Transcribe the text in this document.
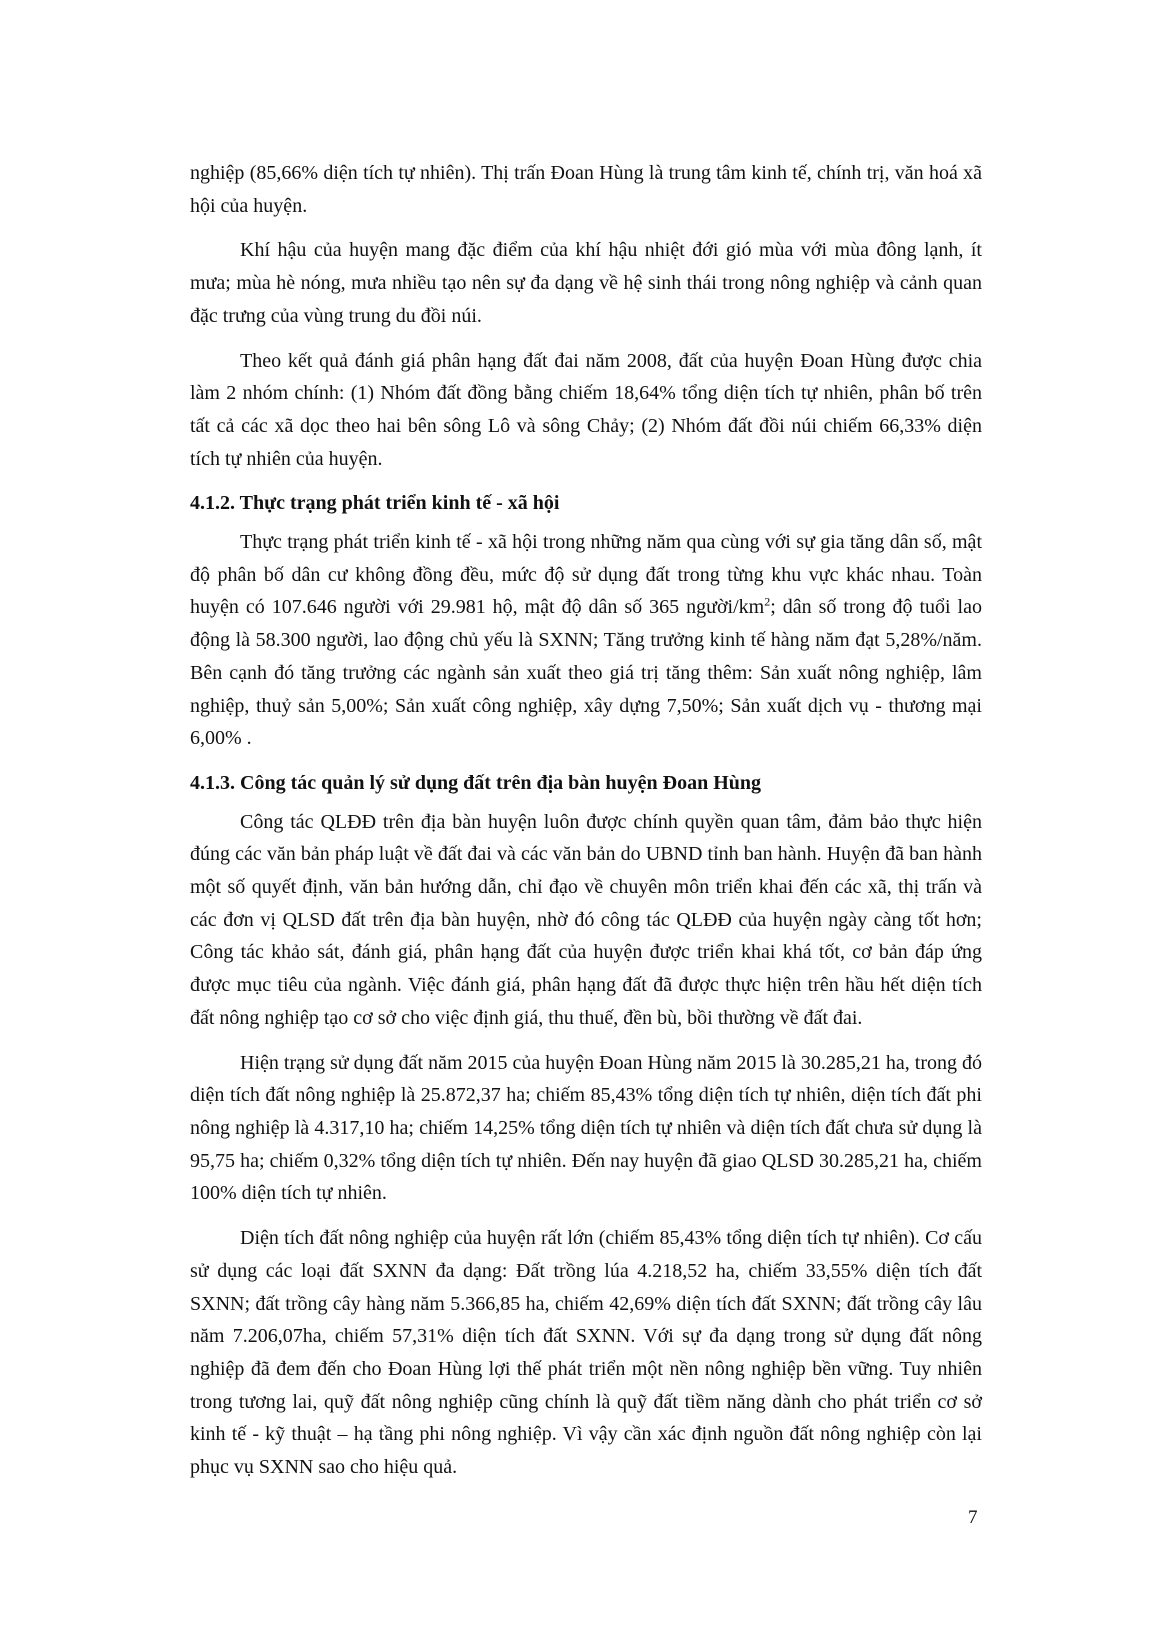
nghiệp (85,66% diện tích tự nhiên). Thị trấn Đoan Hùng là trung tâm kinh tế, chính trị, văn hoá xã hội của huyện.

Khí hậu của huyện mang đặc điểm của khí hậu nhiệt đới gió mùa với mùa đông lạnh, ít mưa; mùa hè nóng, mưa nhiều tạo nên sự đa dạng về hệ sinh thái trong nông nghiệp và cảnh quan đặc trưng của vùng trung du đồi núi.

Theo kết quả đánh giá phân hạng đất đai năm 2008, đất của huyện Đoan Hùng được chia làm 2 nhóm chính: (1) Nhóm đất đồng bằng chiếm 18,64% tổng diện tích tự nhiên, phân bố trên tất cả các xã dọc theo hai bên sông Lô và sông Chảy; (2) Nhóm đất đồi núi chiếm 66,33% diện tích tự nhiên của huyện.

4.1.2. Thực trạng phát triển kinh tế - xã hội

Thực trạng phát triển kinh tế - xã hội trong những năm qua cùng với sự gia tăng dân số, mật độ phân bố dân cư không đồng đều, mức độ sử dụng đất trong từng khu vực khác nhau. Toàn huyện có 107.646 người với 29.981 hộ, mật độ dân số 365 người/$km^2$; dân số trong độ tuổi lao động là 58.300 người, lao động chủ yếu là SXNN; Tăng trưởng kinh tế hàng năm đạt 5,28%/năm. Bên cạnh đó tăng trưởng các ngành sản xuất theo giá trị tăng thêm: Sản xuất nông nghiệp, lâm nghiệp, thuỷ sản 5,00%; Sản xuất công nghiệp, xây dựng 7,50%; Sản xuất dịch vụ - thương mại 6,00% .

4.1.3. Công tác quản lý sử dụng đất trên địa bàn huyện Đoan Hùng

Công tác QLĐĐ trên địa bàn huyện luôn được chính quyền quan tâm, đảm bảo thực hiện đúng các văn bản pháp luật về đất đai và các văn bản do UBND tỉnh ban hành. Huyện đã ban hành một số quyết định, văn bản hướng dẫn, chỉ đạo về chuyên môn triển khai đến các xã, thị trấn và các đơn vị QLSD đất trên địa bàn huyện, nhờ đó công tác QLĐĐ của huyện ngày càng tốt hơn; Công tác khảo sát, đánh giá, phân hạng đất của huyện được triển khai khá tốt, cơ bản đáp ứng được mục tiêu của ngành. Việc đánh giá, phân hạng đất đã được thực hiện trên hầu hết diện tích đất nông nghiệp tạo cơ sở cho việc định giá, thu thuế, đền bù, bồi thường về đất đai.

Hiện trạng sử dụng đất năm 2015 của huyện Đoan Hùng năm 2015 là 30.285,21 ha, trong đó diện tích đất nông nghiệp là 25.872,37 ha; chiếm 85,43% tổng diện tích tự nhiên, diện tích đất phi nông nghiệp là 4.317,10 ha; chiếm 14,25% tổng diện tích tự nhiên và diện tích đất chưa sử dụng là 95,75 ha; chiếm 0,32% tổng diện tích tự nhiên. Đến nay huyện đã giao QLSD 30.285,21 ha, chiếm 100% diện tích tự nhiên.

Diện tích đất nông nghiệp của huyện rất lớn (chiếm 85,43% tổng diện tích tự nhiên). Cơ cấu sử dụng các loại đất SXNN đa dạng: Đất trồng lúa 4.218,52 ha, chiếm 33,55% diện tích đất SXNN; đất trồng cây hàng năm 5.366,85 ha, chiếm 42,69% diện tích đất SXNN; đất trồng cây lâu năm 7.206,07ha, chiếm 57,31% diện tích đất SXNN. Với sự đa dạng trong sử dụng đất nông nghiệp đã đem đến cho Đoan Hùng lợi thế phát triển một nền nông nghiệp bền vững. Tuy nhiên trong tương lai, quỹ đất nông nghiệp cũng chính là quỹ đất tiềm năng dành cho phát triển cơ sở kinh tế - kỹ thuật – hạ tầng phi nông nghiệp. Vì vậy cần xác định nguồn đất nông nghiệp còn lại phục vụ SXNN sao cho hiệu quả.

7
